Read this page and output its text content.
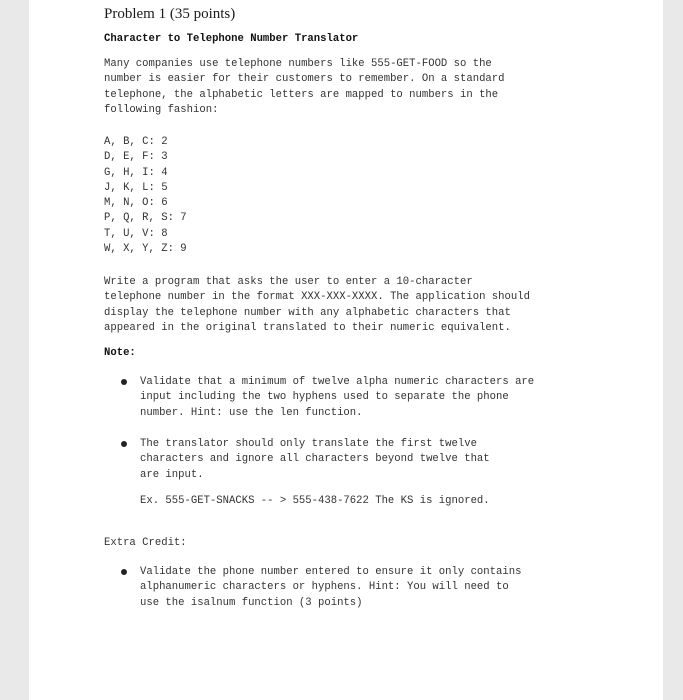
Problem 1 (35 points)
Character to Telephone Number Translator
Many companies use telephone numbers like 555-GET-FOOD so the
number is easier for their customers to remember. On a standard
telephone, the alphabetic letters are mapped to numbers in the
following fashion:
A, B, C: 2
D, E, F: 3
G, H, I: 4
J, K, L: 5
M, N, O: 6
P, Q, R, S: 7
T, U, V: 8
W, X, Y, Z: 9
Write a program that asks the user to enter a 10-character
telephone number in the format XXX-XXX-XXXX. The application should
display the telephone number with any alphabetic characters that
appeared in the original translated to their numeric equivalent.
Note:
Validate that a minimum of twelve alpha numeric characters are
input including the two hyphens used to separate the phone
number. Hint: use the len function.
The translator should only translate the first twelve
characters and ignore all characters beyond twelve that
are input.
Ex. 555-GET-SNACKS -- > 555-438-7622 The KS is ignored.
Extra Credit:
Validate the phone number entered to ensure it only contains
alphanumeric characters or hyphens. Hint: You will need to
use the isalnum function (3 points)
